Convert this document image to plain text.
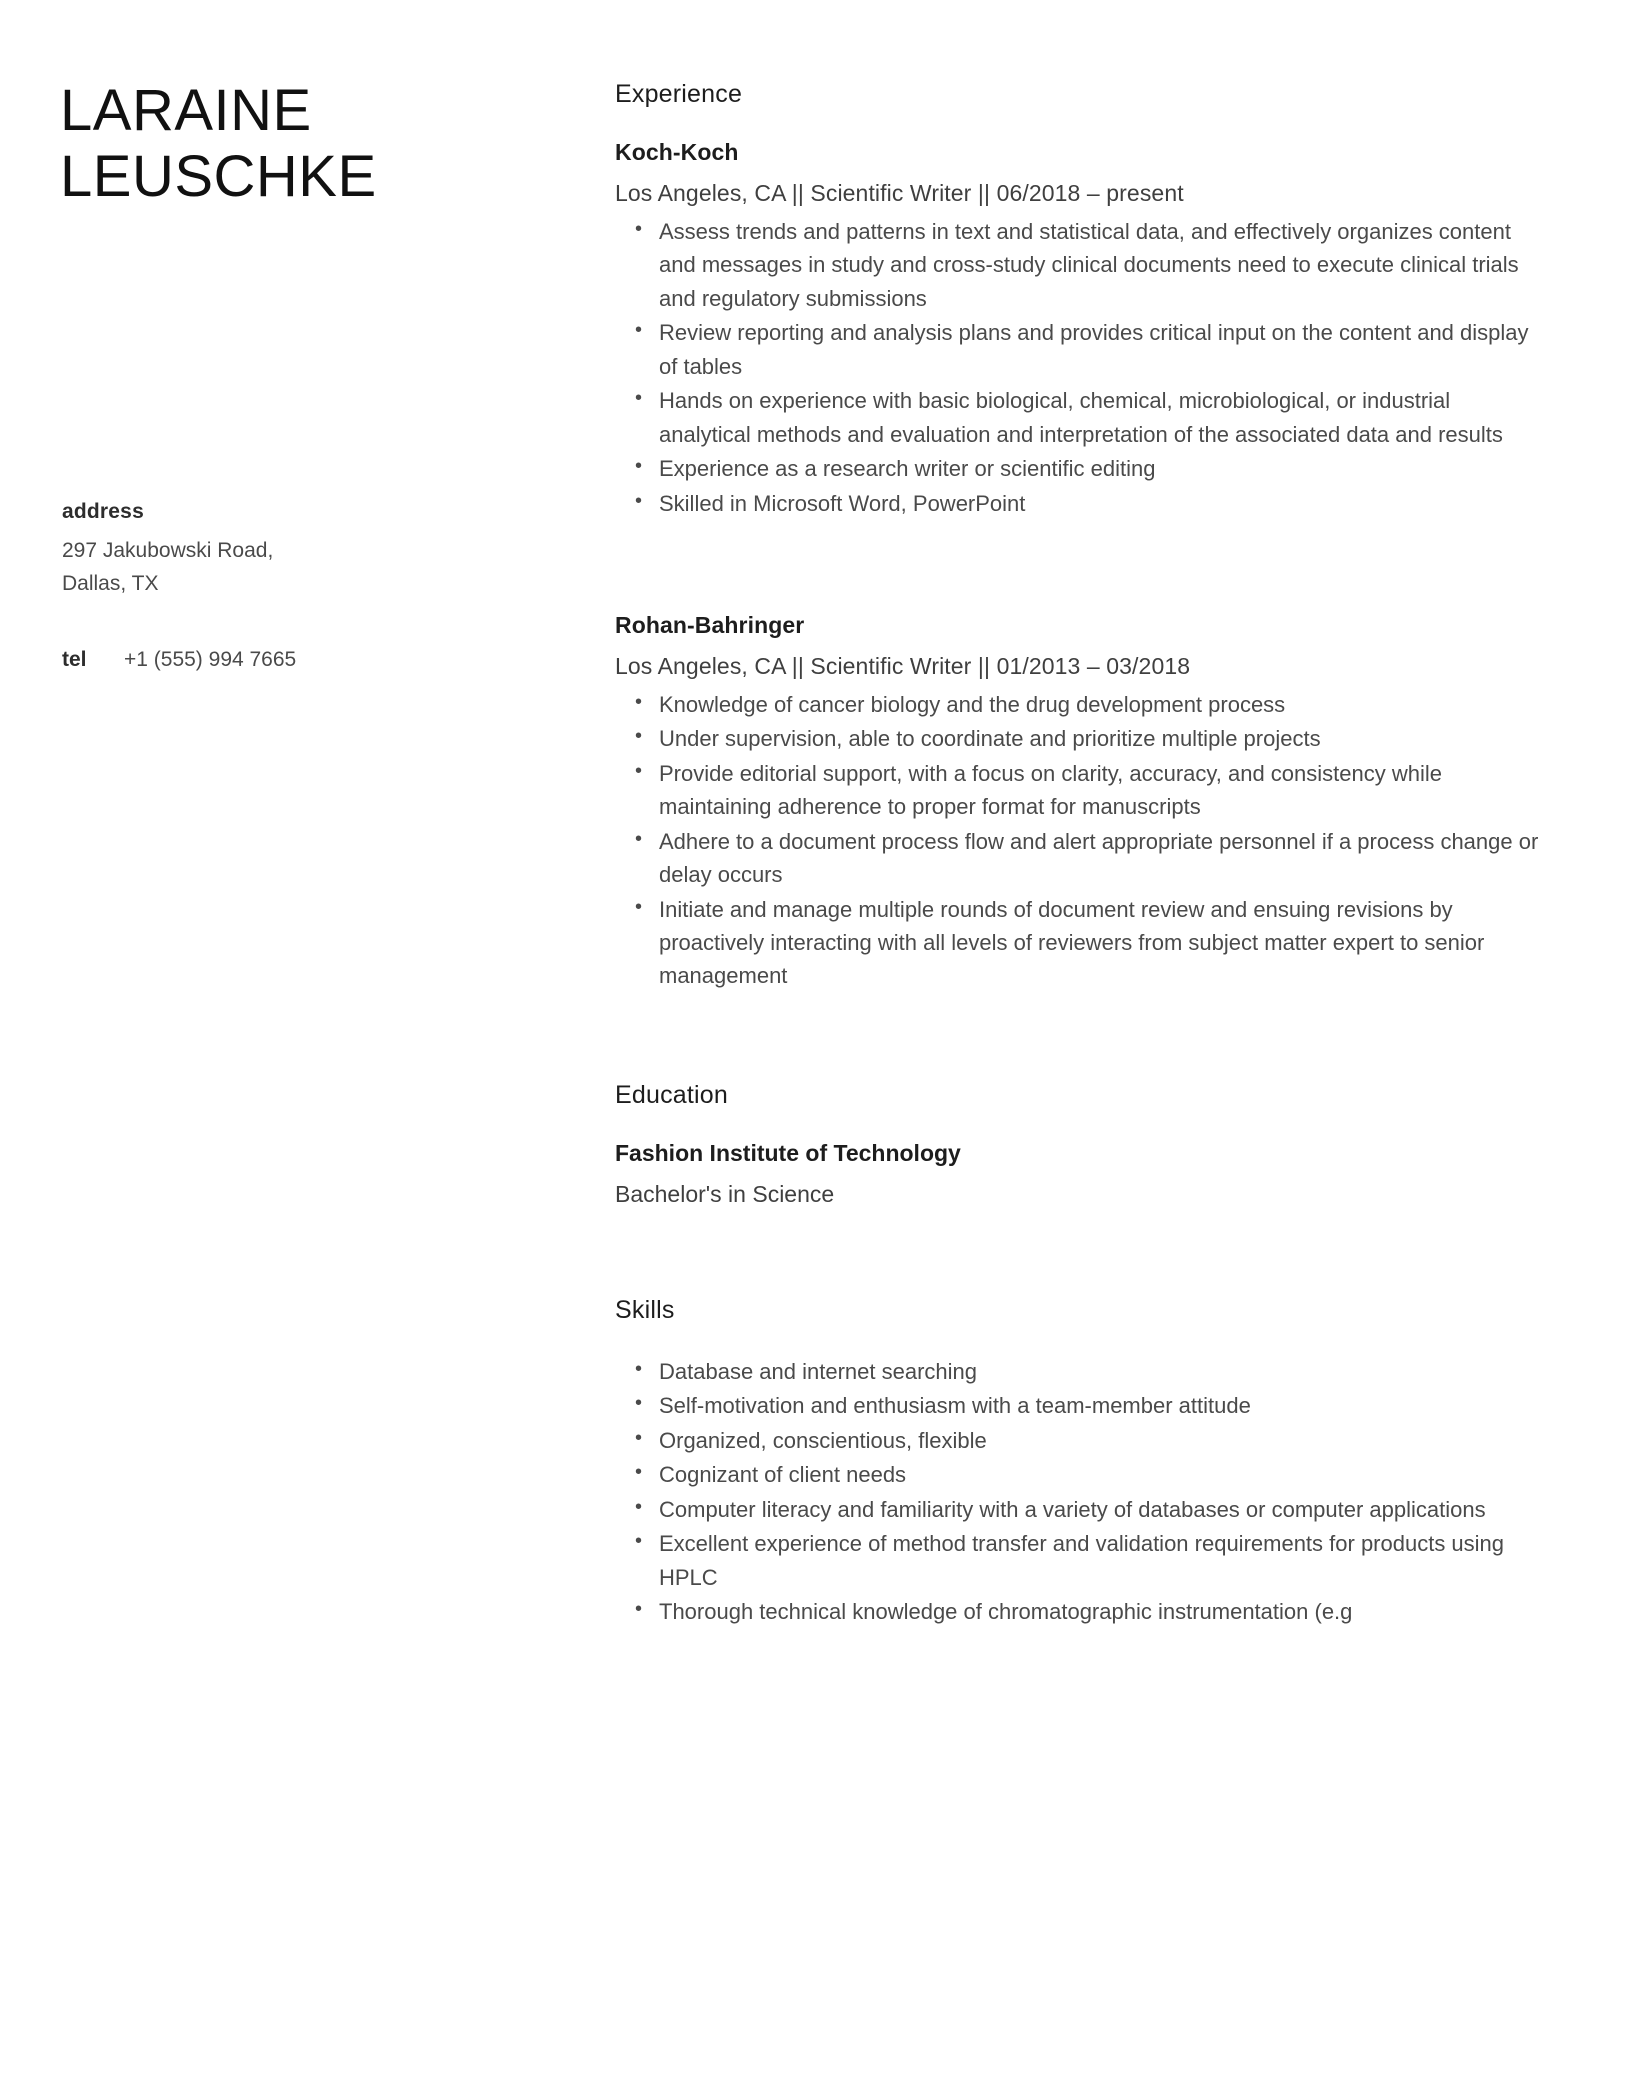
LARAINE
LEUSCHKE
address
297 Jakubowski Road,
Dallas, TX
tel	+1 (555) 994 7665
Experience
Koch-Koch
Los Angeles, CA || Scientific Writer || 06/2018 – present
• Assess trends and patterns in text and statistical data, and effectively organizes content and messages in study and cross-study clinical documents need to execute clinical trials and regulatory submissions
• Review reporting and analysis plans and provides critical input on the content and display of tables
• Hands on experience with basic biological, chemical, microbiological, or industrial analytical methods and evaluation and interpretation of the associated data and results
• Experience as a research writer or scientific editing
• Skilled in Microsoft Word, PowerPoint
Rohan-Bahringer
Los Angeles, CA || Scientific Writer || 01/2013 – 03/2018
• Knowledge of cancer biology and the drug development process
• Under supervision, able to coordinate and prioritize multiple projects
• Provide editorial support, with a focus on clarity, accuracy, and consistency while maintaining adherence to proper format for manuscripts
• Adhere to a document process flow and alert appropriate personnel if a process change or delay occurs
• Initiate and manage multiple rounds of document review and ensuing revisions by proactively interacting with all levels of reviewers from subject matter expert to senior management
Education
Fashion Institute of Technology
Bachelor's in Science
Skills
• Database and internet searching
• Self-motivation and enthusiasm with a team-member attitude
• Organized, conscientious, flexible
• Cognizant of client needs
• Computer literacy and familiarity with a variety of databases or computer applications
• Excellent experience of method transfer and validation requirements for products using HPLC
• Thorough technical knowledge of chromatographic instrumentation (e.g
